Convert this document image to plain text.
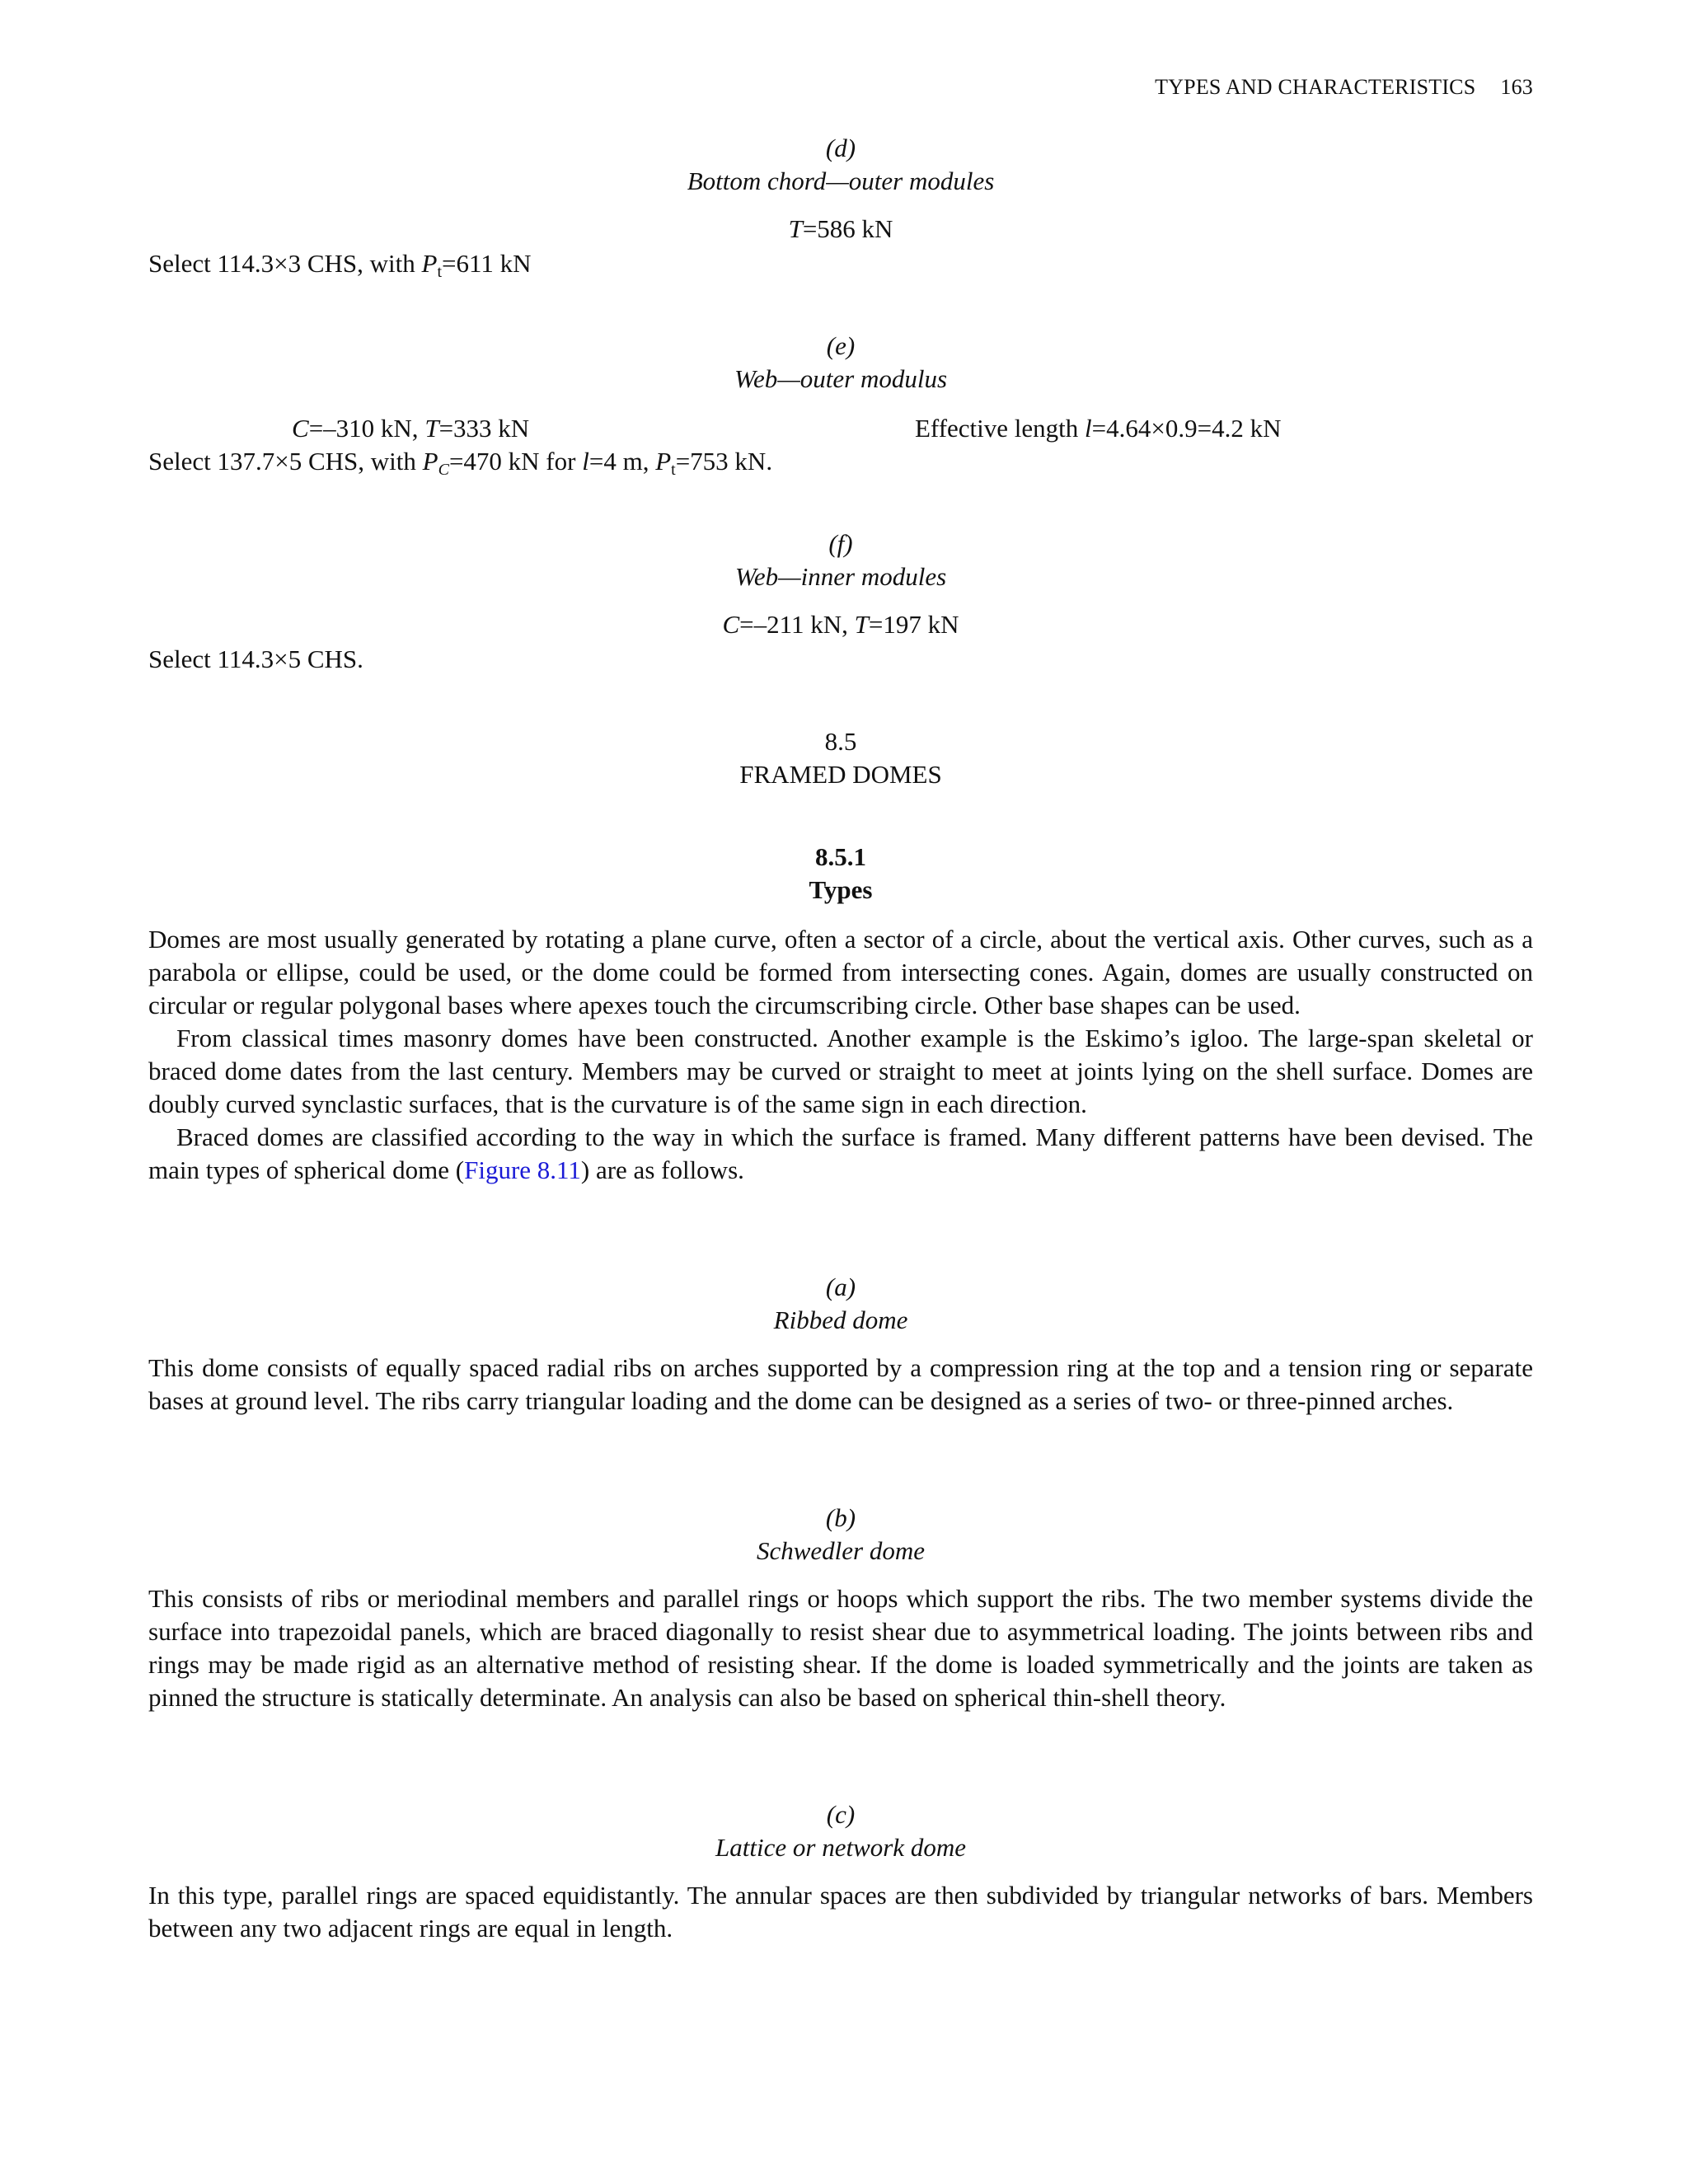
TYPES AND CHARACTERISTICS 163
(d)
Bottom chord—outer modules
T=586 kN
Select 114.3×3 CHS, with $P_t=611$ kN
(e)
Web—outer modulus
C=–310 kN, T=333 kN	Effective length l=4.64×0.9=4.2 kN
Select 137.7×5 CHS, with $P_C=470$ kN for l=4 m, $P_t=753$ kN.
(f)
Web—inner modules
C=–211 kN, T=197 kN
Select 114.3×5 CHS.
8.5
FRAMED DOMES
8.5.1
Types

Domes are most usually generated by rotating a plane curve, often a sector of a circle, about the vertical axis. Other curves, such as a parabola or ellipse, could be used, or the dome could be formed from intersecting cones. Again, domes are usually constructed on circular or regular polygonal bases where apexes touch the circumscribing circle. Other base shapes can be used.

From classical times masonry domes have been constructed. Another example is the Eskimo’s igloo. The large-span skeletal or braced dome dates from the last century. Members may be curved or straight to meet at joints lying on the shell surface. Domes are doubly curved synclastic surfaces, that is the curvature is of the same sign in each direction.

Braced domes are classified according to the way in which the surface is framed. Many different patterns have been devised. The main types of spherical dome (Figure 8.11) are as follows.

(a)
Ribbed dome

This dome consists of equally spaced radial ribs on arches supported by a compression ring at the top and a tension ring or separate bases at ground level. The ribs carry triangular loading and the dome can be designed as a series of two- or three-pinned arches.

(b)
Schwedler dome

This consists of ribs or meriodinal members and parallel rings or hoops which support the ribs. The two member systems divide the surface into trapezoidal panels, which are braced diagonally to resist shear due to asymmetrical loading. The joints between ribs and rings may be made rigid as an alternative method of resisting shear. If the dome is loaded symmetrically and the joints are taken as pinned the structure is statically determinate. An analysis can also be based on spherical thin-shell theory.

(c)
Lattice or network dome

In this type, parallel rings are spaced equidistantly. The annular spaces are then subdivided by triangular networks of bars. Members between any two adjacent rings are equal in length.
